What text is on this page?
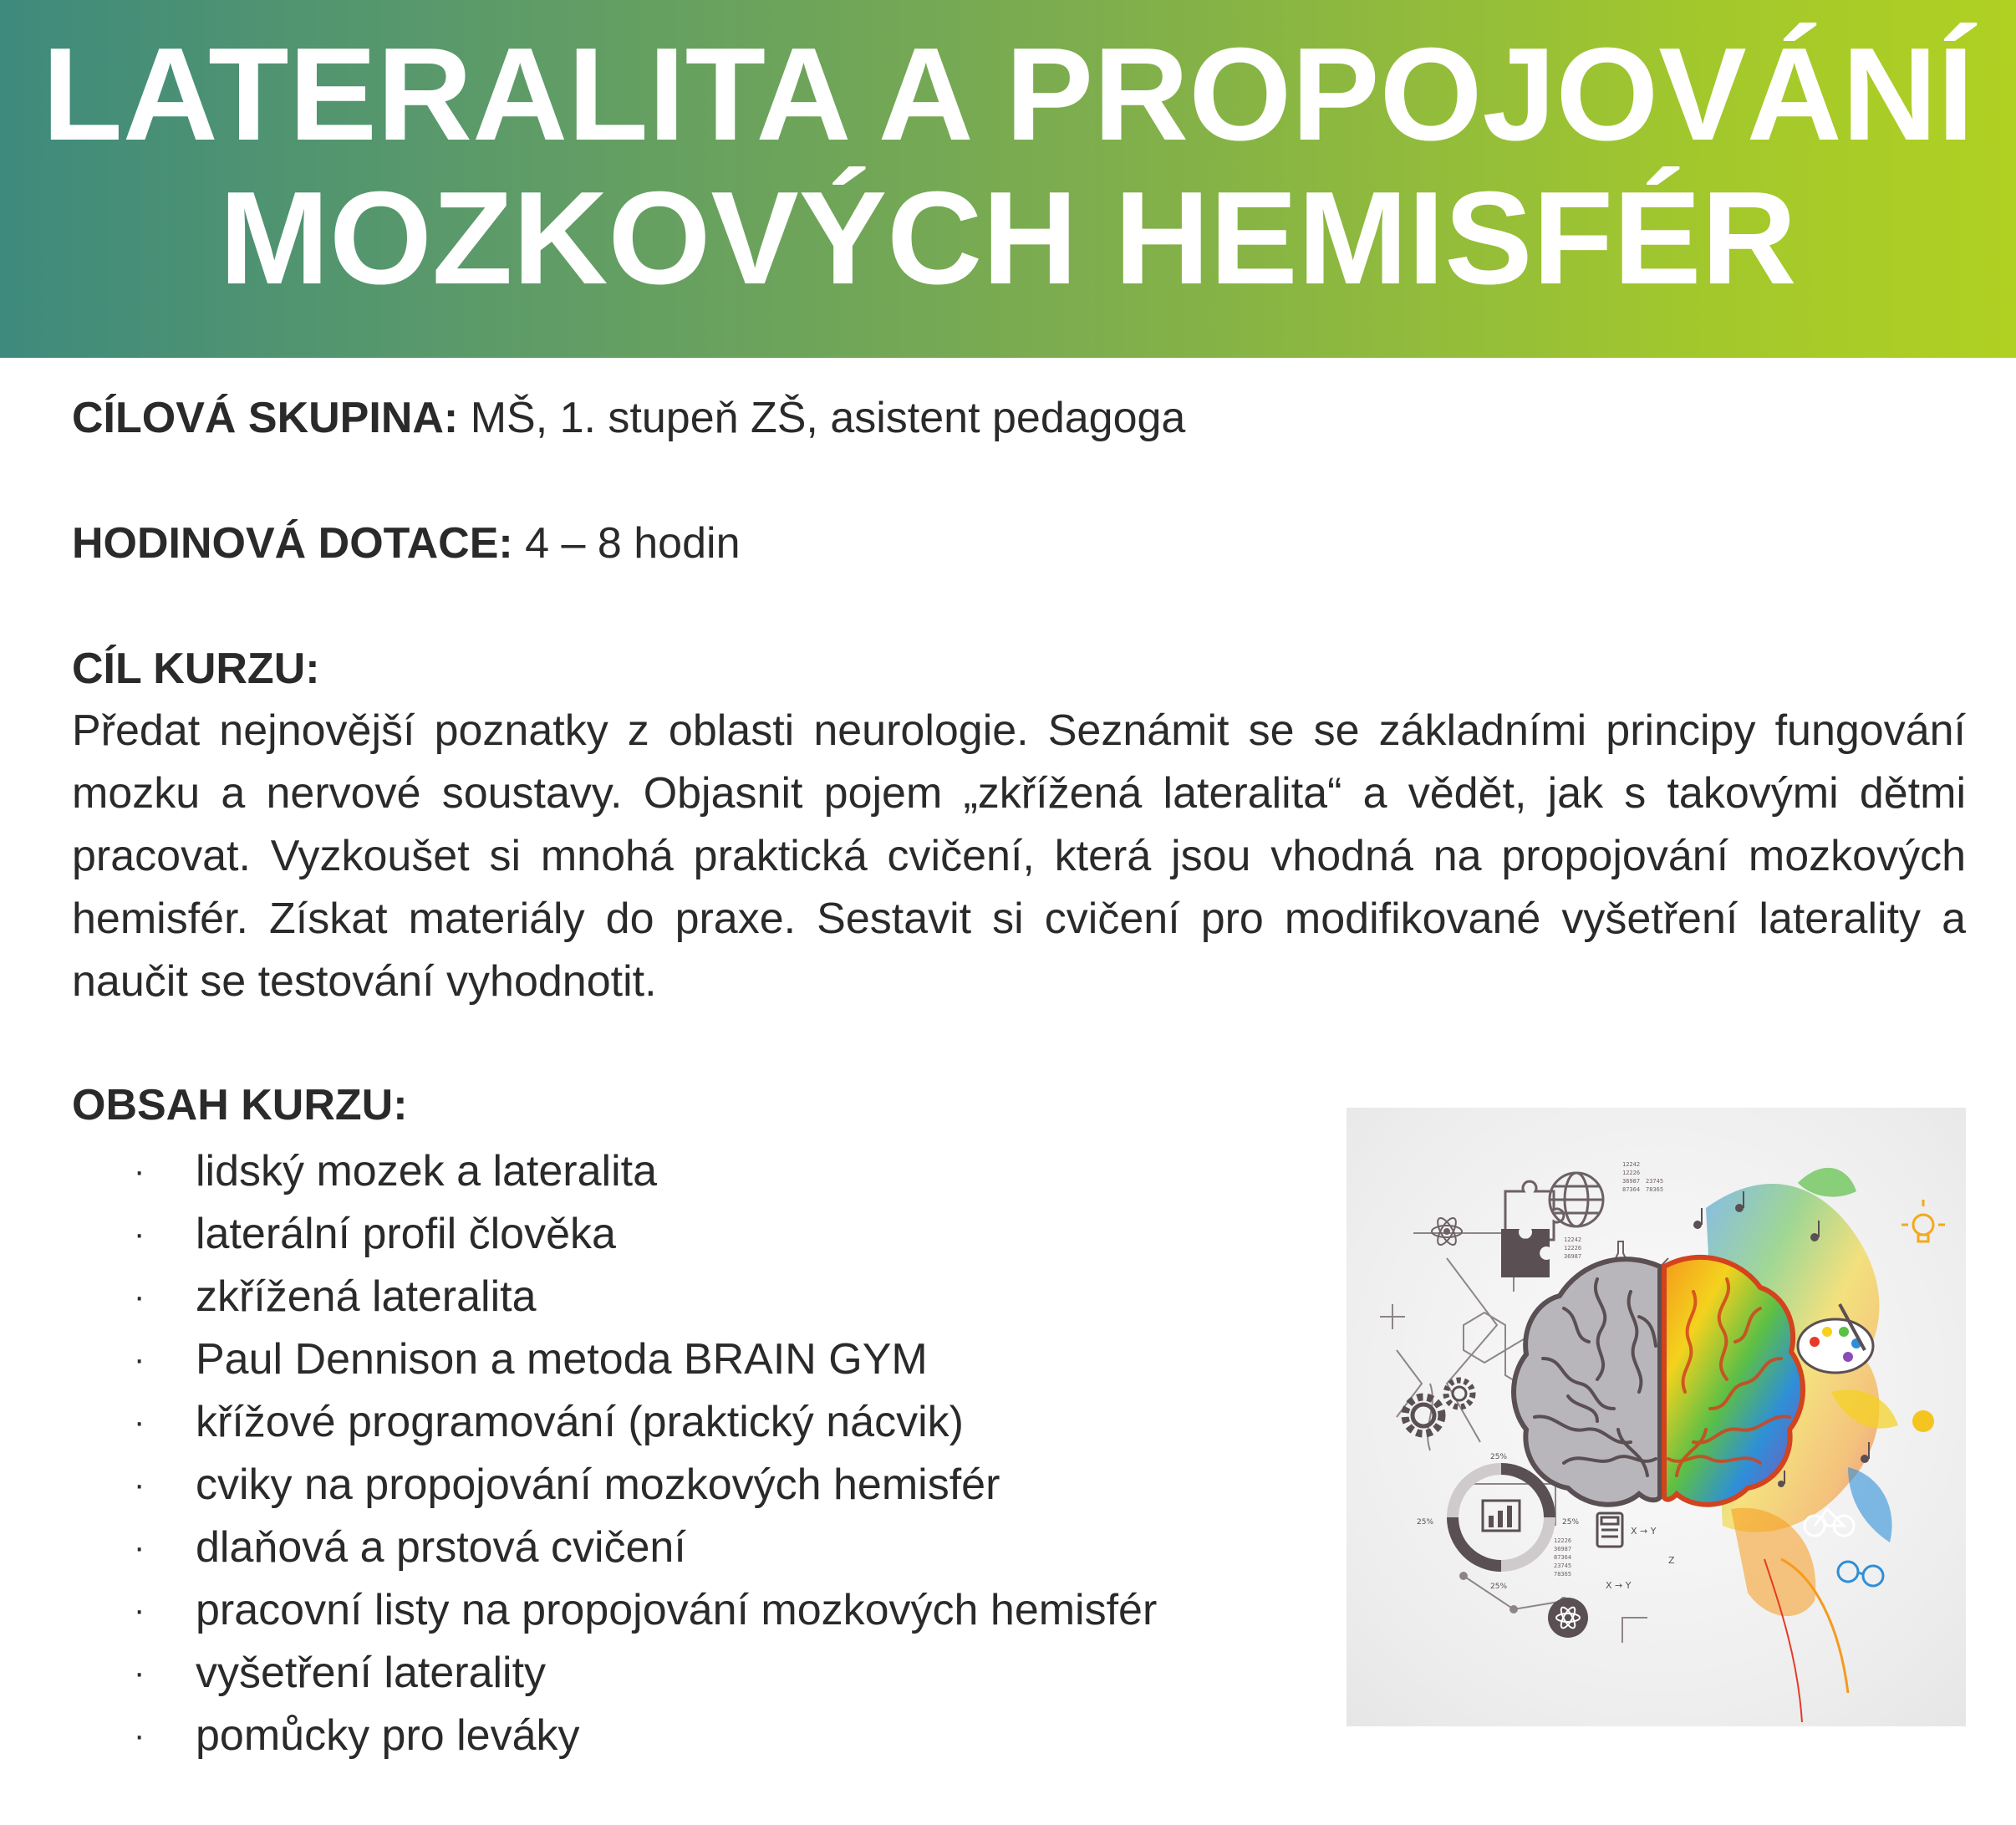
LATERALITA A PROPOJOVÁNÍ
MOZKOVÝCH HEMISFÉR
CÍLOVÁ SKUPINA: MŠ, 1. stupeň ZŠ, asistent pedagoga
HODINOVÁ DOTACE: 4 – 8 hodin
CÍL KURZU:
Předat nejnovější poznatky z oblasti neurologie. Seznámit se se základními principy fungování mozku a nervové soustavy. Objasnit pojem „zkřížená lateralita“ a vědět, jak s takovými dětmi pracovat. Vyzkoušet si mnohá praktická cvičení, která jsou vhodná na propojování mozkových hemisfér. Získat materiály do praxe. Sestavit si cvičení pro modifikované vyšetření laterality a naučit se testování vyhodnotit.
OBSAH KURZU:
· lidský mozek a lateralita
· laterální profil člověka
· zkřížená lateralita
· Paul Dennison a metoda BRAIN GYM
· křížové programování (praktický nácvik)
· cviky na propojování mozkových hemisfér
· dlaňová a prstová cvičení
· pracovní listy na propojování mozkových hemisfér
· vyšetření laterality
· pomůcky pro leváky
12242
12226
36987 23745
87364 78365
12242
12226
36987
12226
36987
87364
23745
78365
25%
25%	25%
25%
X → Y
X → Y
Z
